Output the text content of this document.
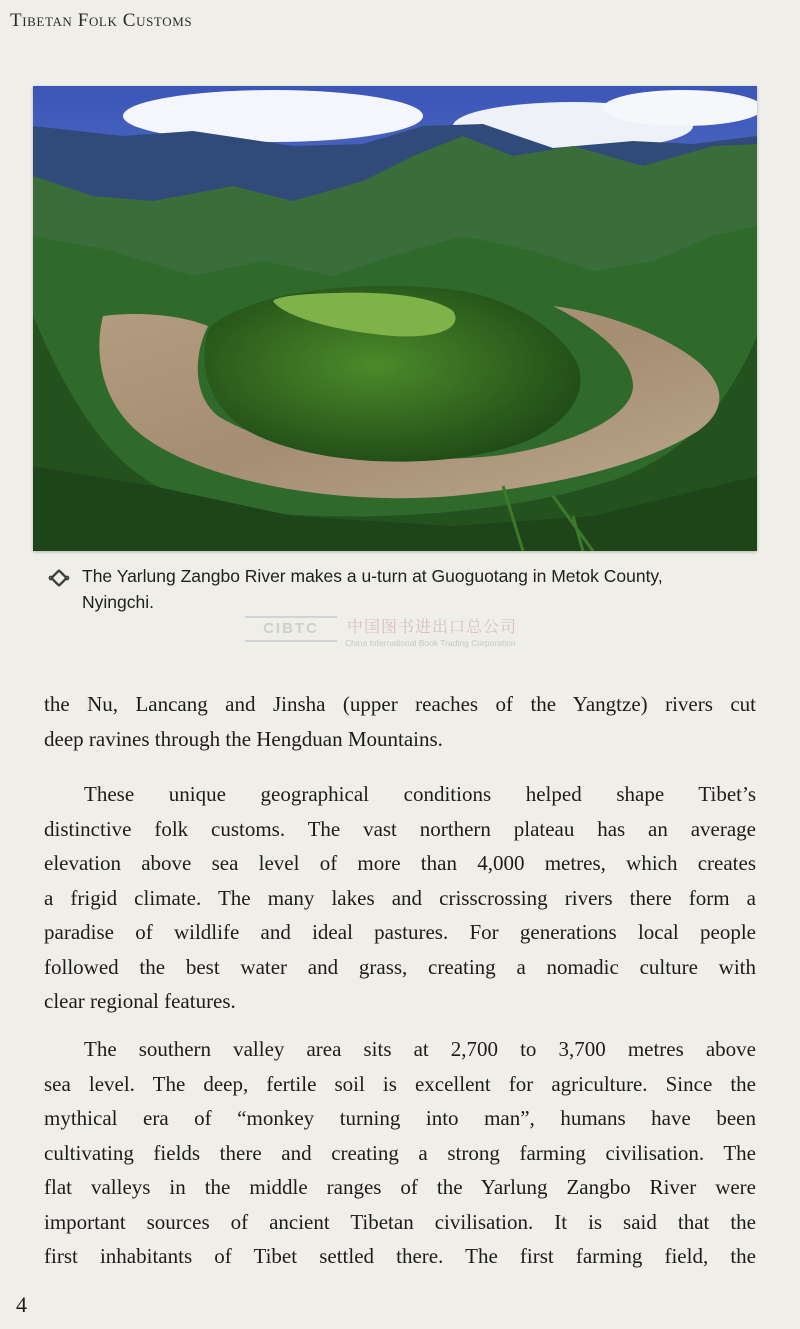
Tibetan Folk Customs
The Yarlung Zangbo River makes a u-turn at Guoguotang in Metok County,
Nyingchi.
CIBTC	中国图书进出口总公司
China International Book Trading Corporation
the Nu, Lancang and Jinsha (upper reaches of the Yangtze) rivers cut
deep ravines through the Hengduan Mountains.
These unique geographical conditions helped shape Tibet’s
distinctive folk customs. The vast northern plateau has an average
elevation above sea level of more than 4,000 metres, which creates
a frigid climate. The many lakes and crisscrossing rivers there form a
paradise of wildlife and ideal pastures. For generations local people
followed the best water and grass, creating a nomadic culture with
clear regional features.
The southern valley area sits at 2,700 to 3,700 metres above
sea level. The deep, fertile soil is excellent for agriculture. Since the
mythical era of “monkey turning into man”, humans have been
cultivating fields there and creating a strong farming civilisation. The
flat valleys in the middle ranges of the Yarlung Zangbo River were
important sources of ancient Tibetan civilisation. It is said that the
first inhabitants of Tibet settled there. The first farming field, the
4
